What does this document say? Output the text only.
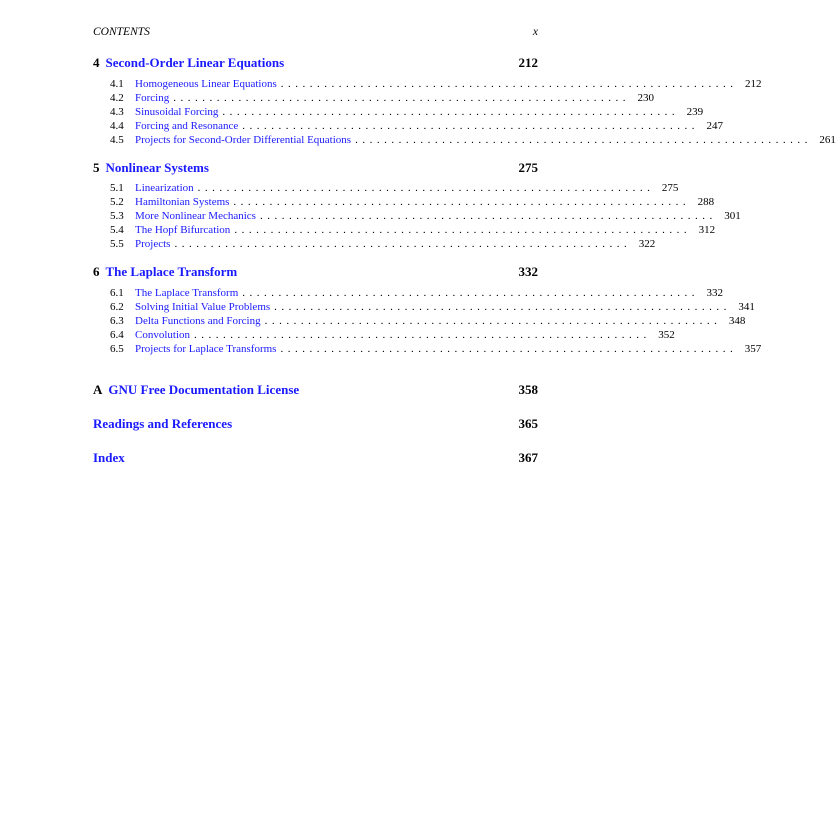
CONTENTS	x
4 Second-Order Linear Equations	212
4.1	Homogeneous Linear Equations ............................................................... 212
4.2	Forcing ............................................................... 230
4.3	Sinusoidal Forcing ............................................................... 239
4.4	Forcing and Resonance ............................................................... 247
4.5	Projects for Second-Order Differential Equations ............................................................... 261
5 Nonlinear Systems	275
5.1	Linearization ............................................................... 275
5.2	Hamiltonian Systems ............................................................... 288
5.3	More Nonlinear Mechanics ............................................................... 301
5.4	The Hopf Bifurcation ............................................................... 312
5.5	Projects ............................................................... 322
6 The Laplace Transform	332
6.1	The Laplace Transform ............................................................... 332
6.2	Solving Initial Value Problems ............................................................... 341
6.3	Delta Functions and Forcing ............................................................... 348
6.4	Convolution ............................................................... 352
6.5	Projects for Laplace Transforms ............................................................... 357
A GNU Free Documentation License	358
Readings and References	365
Index	367
